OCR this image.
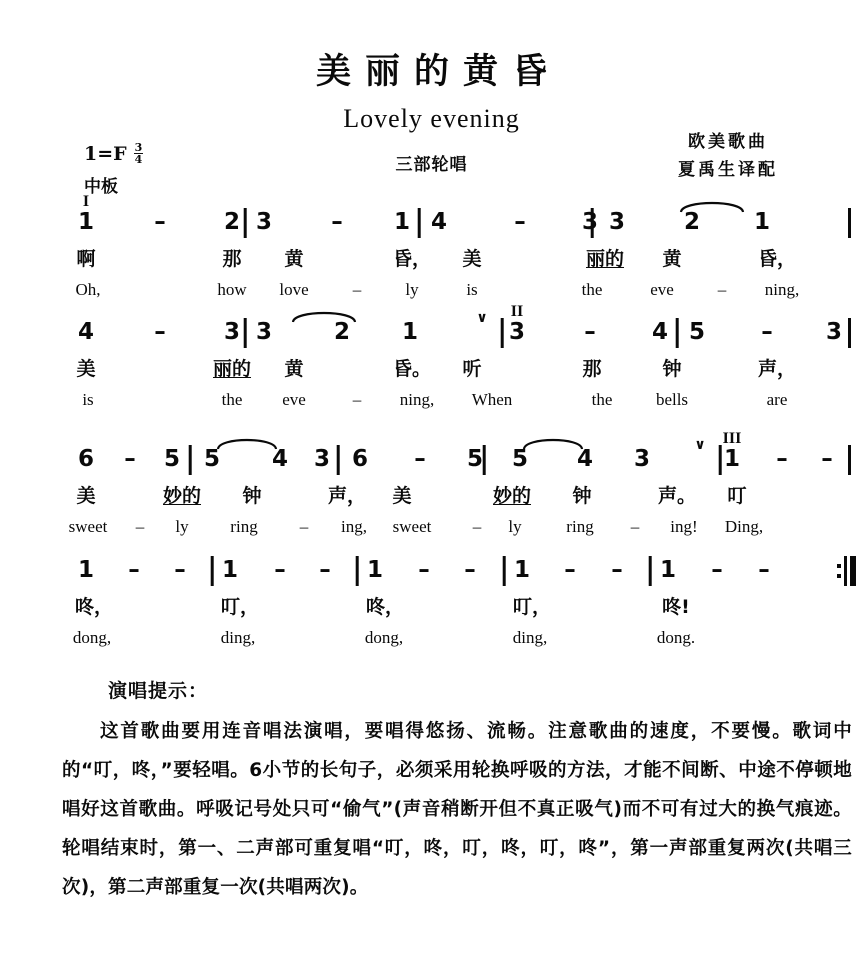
美丽的黄昏
Lovely evening
三部轮唱
$1=F \frac{3}{4}$
中板
欧美歌曲
夏禹生译配
1	–	2 3	– 1 4	– 3 3	2 1
I
啊	那 黄	昏， 美	丽的 黄	昏，
Oh,	how love	–	ly	is	the	eve	– ning,
4	–	3 3	2 1	3	– 4 5 – 3
II
∨
美	丽的 黄	昏。 听	那	钟	声，
is	the eve	– ning, When	the	bells	are
6 – 5 5 4 3 6 – 5 5 4 3	1 – –
III
∨
美	妙的 钟	声， 美	妙的 钟	声。 叮
sweet – ly ring – ing, sweet – ly	ring – ing! Ding,
1 – – 1 – – 1 – – 1 – – 1 – –
咚，	叮，	咚，	叮，	咚!
dong,	ding,	dong,	ding,	dong.
演唱提示：
这首歌曲要用连音唱法演唱，要唱得悠扬、流畅。注意歌曲的速度，不要慢。歌词中的“叮，咚，”要轻唱。6小节的长句子，必须采用轮换呼吸的方法，才能不间断、中途不停顿地唱好这首歌曲。呼吸记号处只可“偷气”(声音稍断开但不真正吸气)而不可有过大的换气痕迹。轮唱结束时，第一、二声部可重复唱“叮，咚，叮，咚，叮，咚”，第一声部重复两次(共唱三次)，第二声部重复一次(共唱两次)。
